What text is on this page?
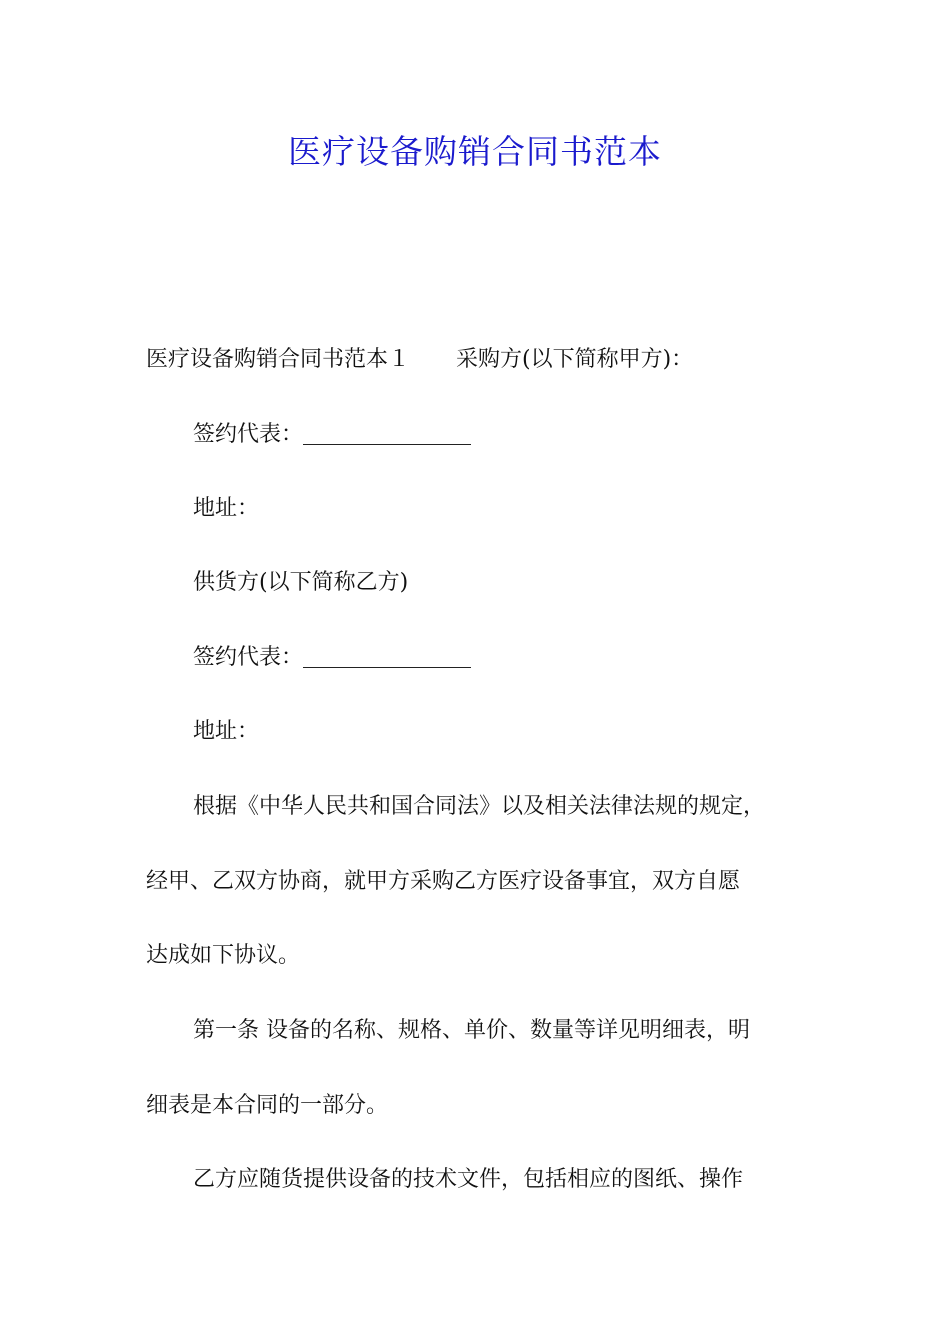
医疗设备购销合同书范本
医疗设备购销合同书范本１ 采购方(以下简称甲方)：
签约代表：
地址：
供货方(以下简称乙方)
签约代表：
地址：
根据《中华人民共和国合同法》以及相关法律法规的规定，
经甲、乙双方协商，就甲方采购乙方医疗设备事宜，双方自愿
达成如下协议。
第一条 设备的名称、规格、单价、数量等详见明细表，明
细表是本合同的一部分。
乙方应随货提供设备的技术文件，包括相应的图纸、操作
